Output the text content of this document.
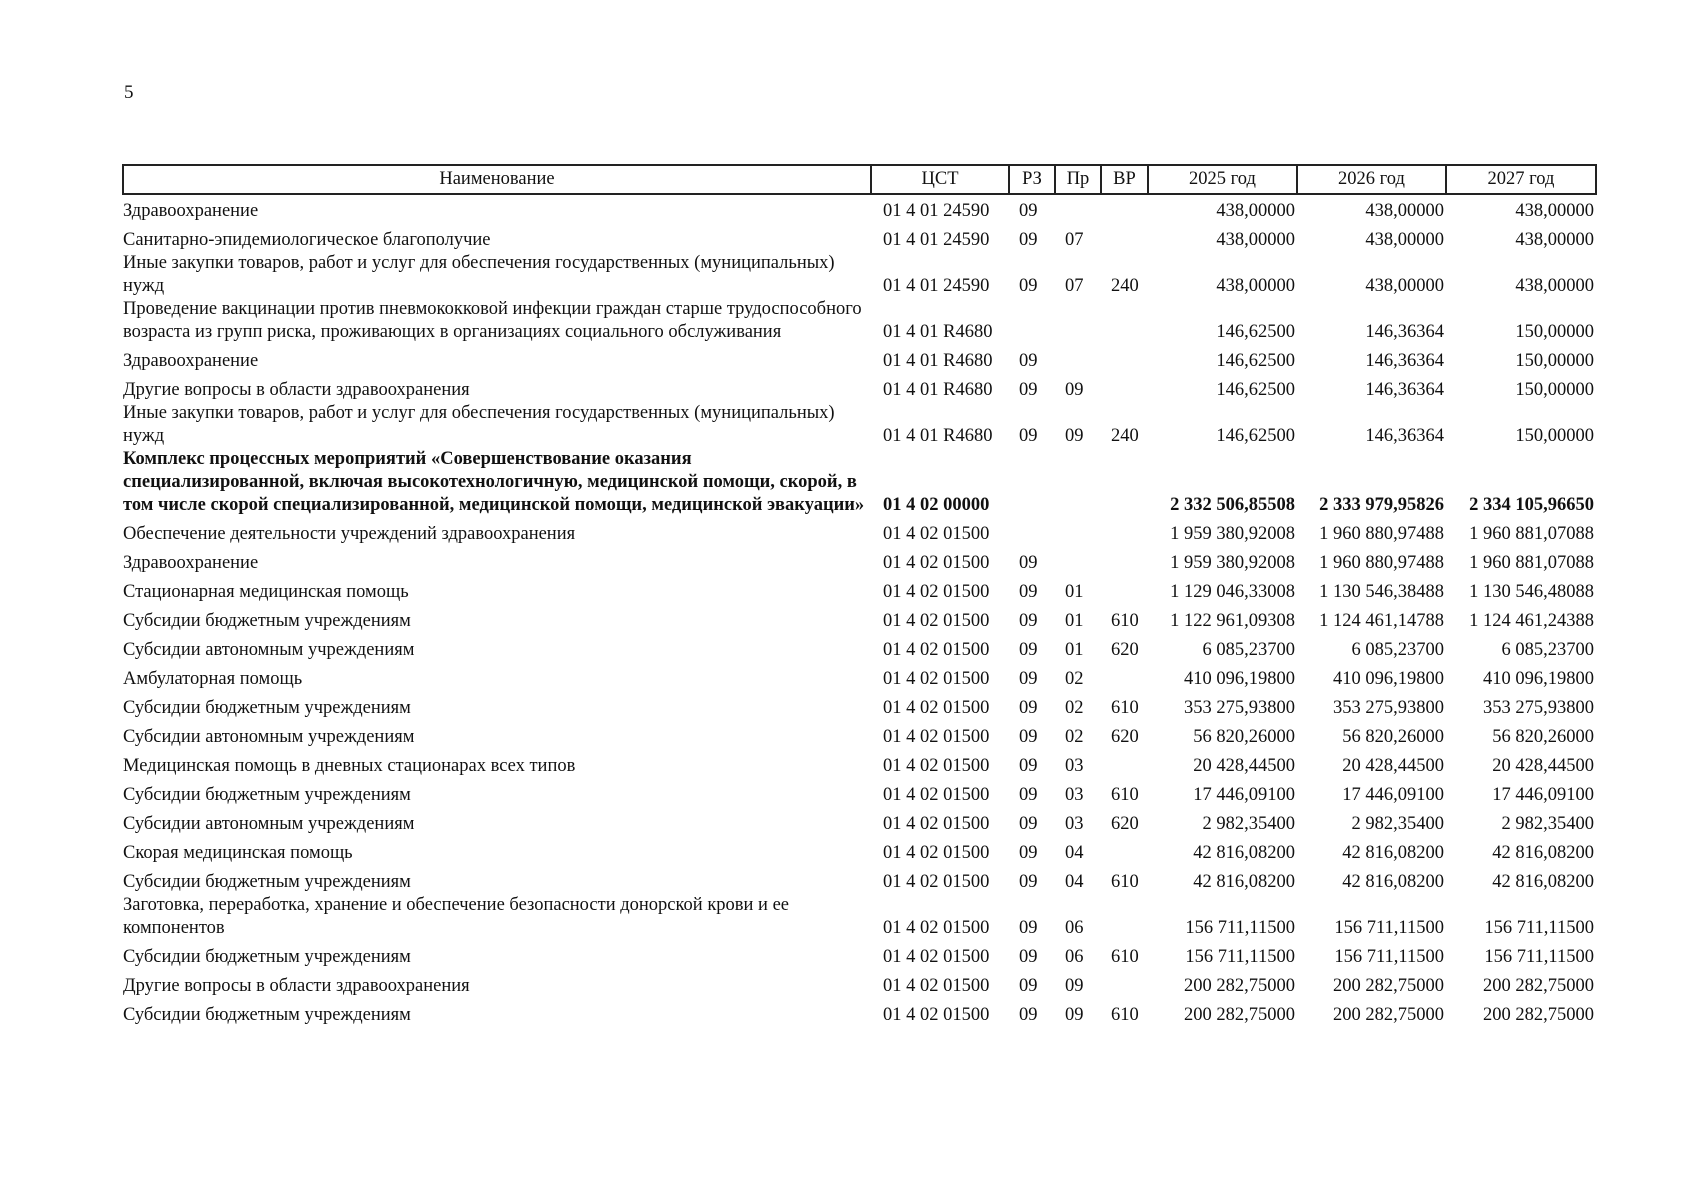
5
Наименование	ЦСТ	РЗ	Пр	ВР	2025 год	2026 год	2027 год
Здравоохранение	01 4 01 24590	09			438,00000	438,00000	438,00000
Санитарно-эпидемиологическое благополучие	01 4 01 24590	09	07		438,00000	438,00000	438,00000
Иные закупки товаров, работ и услуг для обеспечения государственных (муниципальных) нужд	01 4 01 24590	09	07	240	438,00000	438,00000	438,00000
Проведение вакцинации против пневмококковой инфекции граждан старше трудоспособного возраста из групп риска, проживающих в организациях социального обслуживания	01 4 01 R4680				146,62500	146,36364	150,00000
Здравоохранение	01 4 01 R4680	09			146,62500	146,36364	150,00000
Другие вопросы в области здравоохранения	01 4 01 R4680	09	09		146,62500	146,36364	150,00000
Иные закупки товаров, работ и услуг для обеспечения государственных (муниципальных) нужд	01 4 01 R4680	09	09	240	146,62500	146,36364	150,00000
Комплекс процессных мероприятий «Совершенствование оказания специализированной, включая высокотехнологичную, медицинской помощи, скорой, в том числе скорой специализированной, медицинской помощи, медицинской эвакуации»	01 4 02 00000				2 332 506,85508	2 333 979,95826	2 334 105,96650
Обеспечение деятельности учреждений здравоохранения	01 4 02 01500				1 959 380,92008	1 960 880,97488	1 960 881,07088
Здравоохранение	01 4 02 01500	09			1 959 380,92008	1 960 880,97488	1 960 881,07088
Стационарная медицинская помощь	01 4 02 01500	09	01		1 129 046,33008	1 130 546,38488	1 130 546,48088
Субсидии бюджетным учреждениям	01 4 02 01500	09	01	610	1 122 961,09308	1 124 461,14788	1 124 461,24388
Субсидии автономным учреждениям	01 4 02 01500	09	01	620	6 085,23700	6 085,23700	6 085,23700
Амбулаторная помощь	01 4 02 01500	09	02		410 096,19800	410 096,19800	410 096,19800
Субсидии бюджетным учреждениям	01 4 02 01500	09	02	610	353 275,93800	353 275,93800	353 275,93800
Субсидии автономным учреждениям	01 4 02 01500	09	02	620	56 820,26000	56 820,26000	56 820,26000
Медицинская помощь в дневных стационарах всех типов	01 4 02 01500	09	03		20 428,44500	20 428,44500	20 428,44500
Субсидии бюджетным учреждениям	01 4 02 01500	09	03	610	17 446,09100	17 446,09100	17 446,09100
Субсидии автономным учреждениям	01 4 02 01500	09	03	620	2 982,35400	2 982,35400	2 982,35400
Скорая медицинская помощь	01 4 02 01500	09	04		42 816,08200	42 816,08200	42 816,08200
Субсидии бюджетным учреждениям	01 4 02 01500	09	04	610	42 816,08200	42 816,08200	42 816,08200
Заготовка, переработка, хранение и обеспечение безопасности донорской крови и ее компонентов	01 4 02 01500	09	06		156 711,11500	156 711,11500	156 711,11500
Субсидии бюджетным учреждениям	01 4 02 01500	09	06	610	156 711,11500	156 711,11500	156 711,11500
Другие вопросы в области здравоохранения	01 4 02 01500	09	09		200 282,75000	200 282,75000	200 282,75000
Субсидии бюджетным учреждениям	01 4 02 01500	09	09	610	200 282,75000	200 282,75000	200 282,75000
